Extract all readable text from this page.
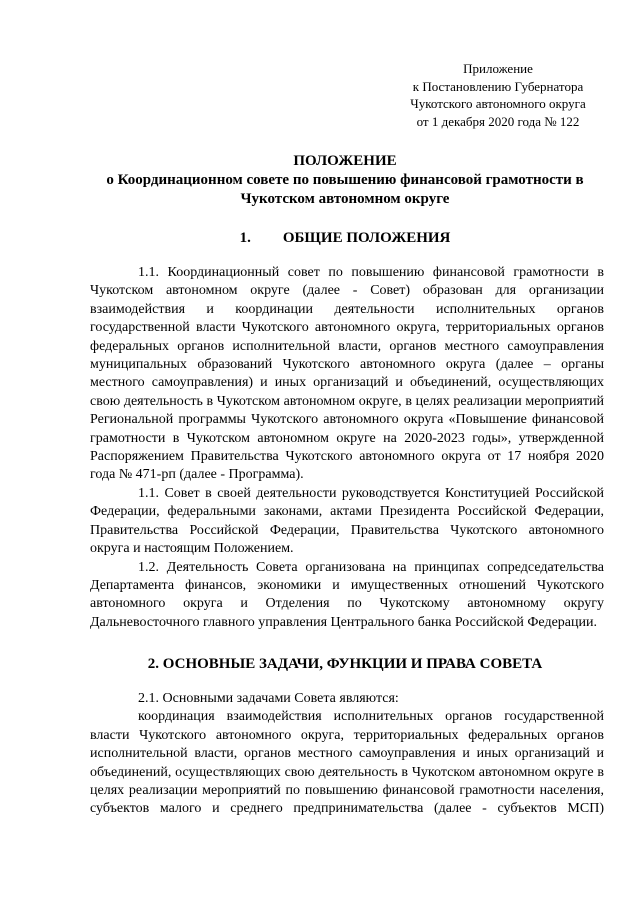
Приложение
к Постановлению Губернатора
Чукотского автономного округа
от 1 декабря 2020 года № 122
ПОЛОЖЕНИЕ
о Координационном совете по повышению финансовой грамотности в
Чукотском автономном округе
1. ОБЩИЕ ПОЛОЖЕНИЯ

1.1. Координационный совет по повышению финансовой грамотности в Чукотском автономном округе (далее - Совет) образован для организации взаимодействия и координации деятельности исполнительных органов государственной власти Чукотского автономного округа, территориальных органов федеральных органов исполнительной власти, органов местного самоуправления муниципальных образований Чукотского автономного округа (далее – органы местного самоуправления) и иных организаций и объединений, осуществляющих свою деятельность в Чукотском автономном округе, в целях реализации мероприятий Региональной программы Чукотского автономного округа «Повышение финансовой грамотности в Чукотском автономном округе на 2020-2023 годы», утвержденной Распоряжением Правительства Чукотского автономного округа от 17 ноября 2020 года № 471-рп (далее - Программа).

1.1. Совет в своей деятельности руководствуется Конституцией Российской Федерации, федеральными законами, актами Президента Российской Федерации, Правительства Российской Федерации, Правительства Чукотского автономного округа и настоящим Положением.

1.2. Деятельность Совета организована на принципах сопредседательства Департамента финансов, экономики и имущественных отношений Чукотского автономного округа и Отделения по Чукотскому автономному округу Дальневосточного главного управления Центрального банка Российской Федерации.

2. ОСНОВНЫЕ ЗАДАЧИ, ФУНКЦИИ И ПРАВА СОВЕТА

2.1. Основными задачами Совета являются:

координация взаимодействия исполнительных органов государственной власти Чукотского автономного округа, территориальных федеральных органов исполнительной власти, органов местного самоуправления и иных организаций и объединений, осуществляющих свою деятельность в Чукотском автономном округе в целях реализации мероприятий по повышению финансовой грамотности населения, субъектов малого и среднего предпринимательства (далее - субъектов МСП)
